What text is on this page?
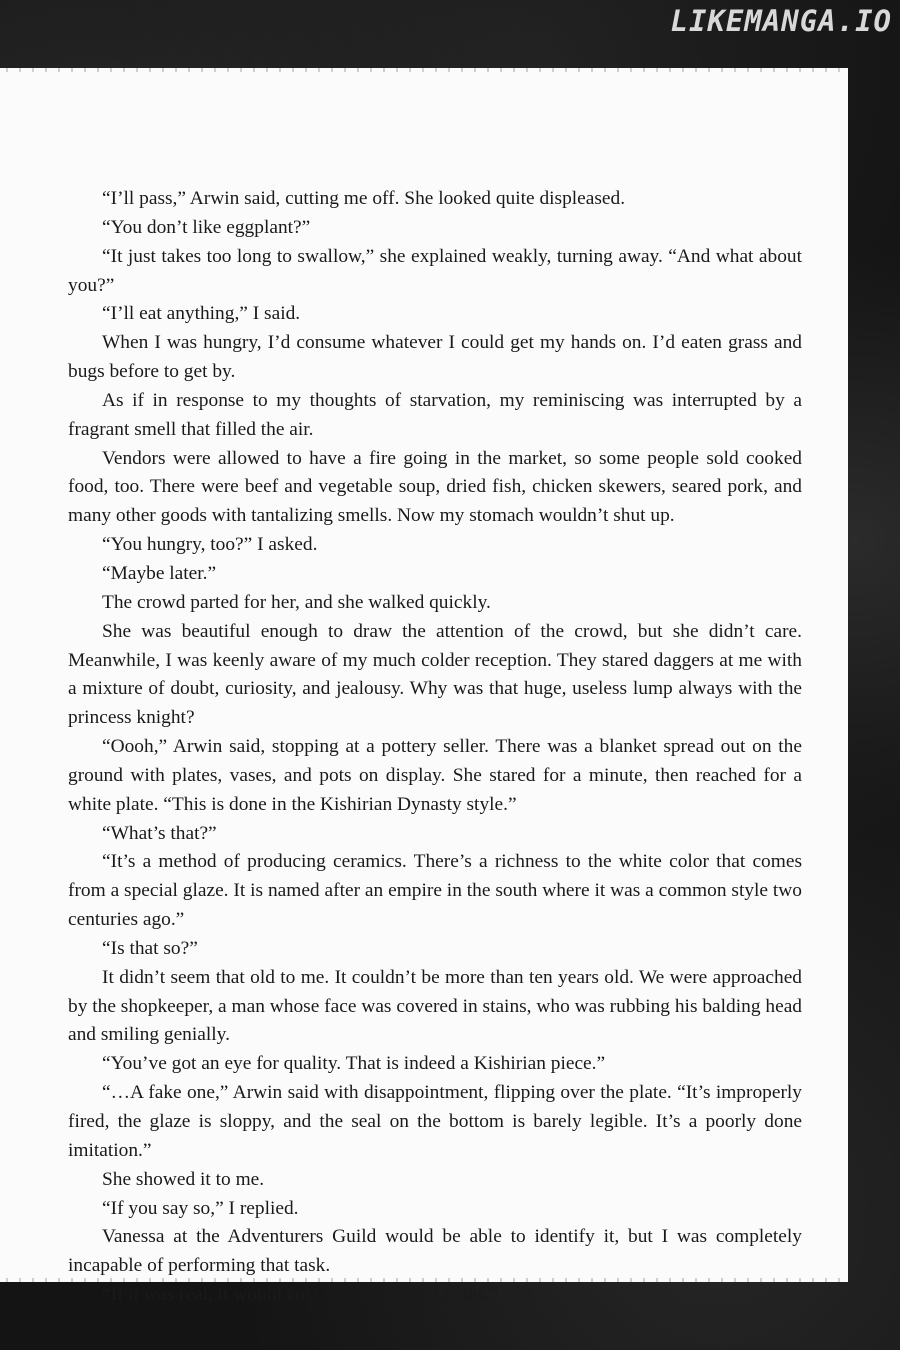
LIKEMANGA.IO

“I’ll pass,” Arwin said, cutting me off. She looked quite displeased.

“You don’t like eggplant?”

“It just takes too long to swallow,” she explained weakly, turning away. “And what about you?”

“I’ll eat anything,” I said.

When I was hungry, I’d consume whatever I could get my hands on. I’d eaten grass and bugs before to get by.

As if in response to my thoughts of starvation, my reminiscing was interrupted by a fragrant smell that filled the air.

Vendors were allowed to have a fire going in the market, so some people sold cooked food, too. There were beef and vegetable soup, dried fish, chicken skewers, seared pork, and many other goods with tantalizing smells. Now my stomach wouldn’t shut up.

“You hungry, too?” I asked.

“Maybe later.”

The crowd parted for her, and she walked quickly.

She was beautiful enough to draw the attention of the crowd, but she didn’t care. Meanwhile, I was keenly aware of my much colder reception. They stared daggers at me with a mixture of doubt, curiosity, and jealousy. Why was that huge, useless lump always with the princess knight?

“Oooh,” Arwin said, stopping at a pottery seller. There was a blanket spread out on the ground with plates, vases, and pots on display. She stared for a minute, then reached for a white plate. “This is done in the Kishirian Dynasty style.”

“What’s that?”

“It’s a method of producing ceramics. There’s a richness to the white color that comes from a special glaze. It is named after an empire in the south where it was a common style two centuries ago.”

“Is that so?”

It didn’t seem that old to me. It couldn’t be more than ten years old. We were approached by the shopkeeper, a man whose face was covered in stains, who was rubbing his balding head and smiling genially.

“You’ve got an eye for quality. That is indeed a Kishirian piece.”

“…A fake one,” Arwin said with disappointment, flipping over the plate. “It’s improperly fired, the glaze is sloppy, and the seal on the bottom is barely legible. It’s a poorly done imitation.”

She showed it to me.

“If you say so,” I replied.

Vanessa at the Adventurers Guild would be able to identify it, but I was completely incapable of performing that task.

“If it was real, it would cost a hundred gold coins.”
